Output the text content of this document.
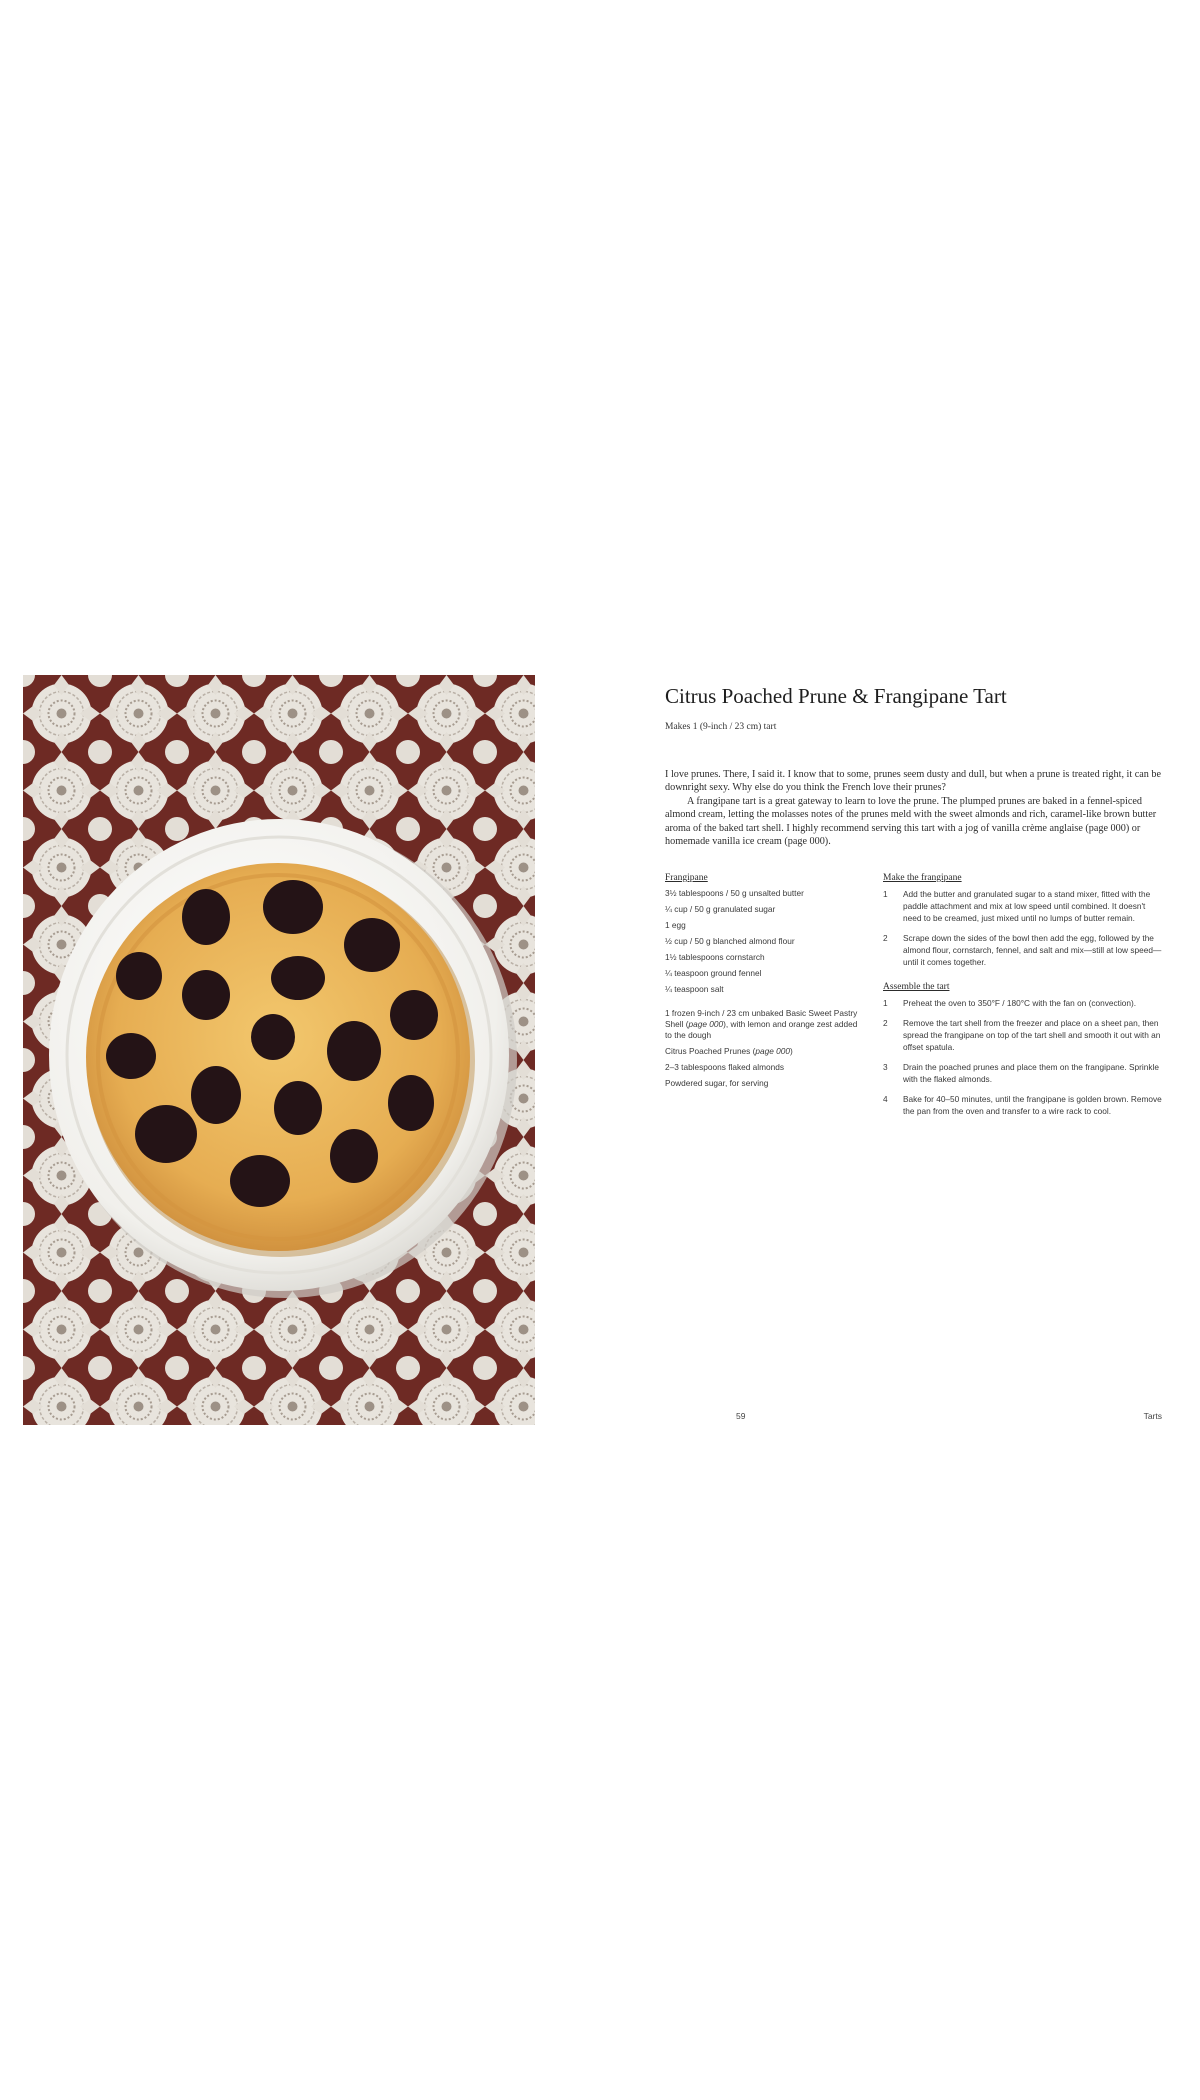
Citrus Poached Prune & Frangipane Tart
Makes 1 (9-inch / 23 cm) tart

I love prunes. There, I said it. I know that to some, prunes seem dusty and dull, but when a prune is treated right, it can be downright sexy. Why else do you think the French love their prunes?

A frangipane tart is a great gateway to learn to love the prune. The plumped prunes are baked in a fennel-spiced almond cream, letting the molasses notes of the prunes meld with the sweet almonds and rich, caramel-like brown butter aroma of the baked tart shell. I highly recommend serving this tart with a jog of vanilla crème anglaise (page 000) or homemade vanilla ice cream (page 000).

Frangipane
3½ tablespoons / 50 g unsalted butter
¼ cup / 50 g granulated sugar
1 egg
½ cup / 50 g blanched almond flour
1½ tablespoons cornstarch
¼ teaspoon ground fennel
¼ teaspoon salt
1 frozen 9-inch / 23 cm unbaked Basic Sweet Pastry Shell (page 000), with lemon and orange zest added to the dough
Citrus Poached Prunes (page 000)
2–3 tablespoons flaked almonds
Powdered sugar, for serving
Make the frangipane
1	Add the butter and granulated sugar to a stand mixer, fitted with the paddle attachment and mix at low speed until combined. It doesn't need to be creamed, just mixed until no lumps of butter remain.
2	Scrape down the sides of the bowl then add the egg, followed by the almond flour, cornstarch, fennel, and salt and mix—still at low speed—until it comes together.
Assemble the tart
1	Preheat the oven to 350°F / 180°C with the fan on (convection).
2	Remove the tart shell from the freezer and place on a sheet pan, then spread the frangipane on top of the tart shell and smooth it out with an offset spatula.
3	Drain the poached prunes and place them on the frangipane. Sprinkle with the flaked almonds.
4	Bake for 40–50 minutes, until the frangipane is golden brown. Remove the pan from the oven and transfer to a wire rack to cool.
59	Tarts
